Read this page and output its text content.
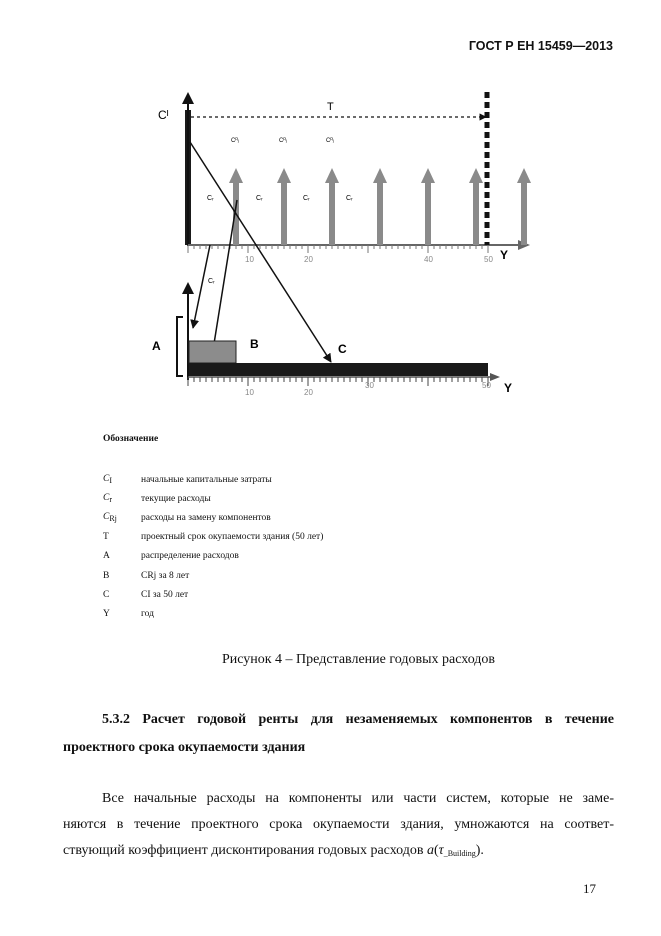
ГОСТ Р ЕН 15459—2013
Cᴵ
Y
10	20	40	50
T
Cᴿⱼ	Cᴿⱼ	Cᴿⱼ
Cᵣ	Cᵣ	Cᵣ	Cᵣ
Cᵣ
A	B	C
Y
10	20
30	50
Обозначение
$C_I$	начальные капитальные затраты
$C_r$	текущие расходы
$C_{Rj}$	расходы на замену компонентов
T	проектный срок окупаемости здания (50 лет)
A	распределение расходов
B	CRj за 8 лет
C	CI за 50 лет
Y	год
Рисунок 4 – Представление годовых расходов
5.3.2 Расчет годовой ренты для незаменяемых компонентов в течение
проектного срока окупаемости здания
Все начальные расходы на компоненты или части систем, которые не заме-
няются в течение проектного срока окупаемости здания, умножаются на соответ-
ствующий коэффициент дисконтирования годовых расходов $a(\tau_{\_Building})$.
17
